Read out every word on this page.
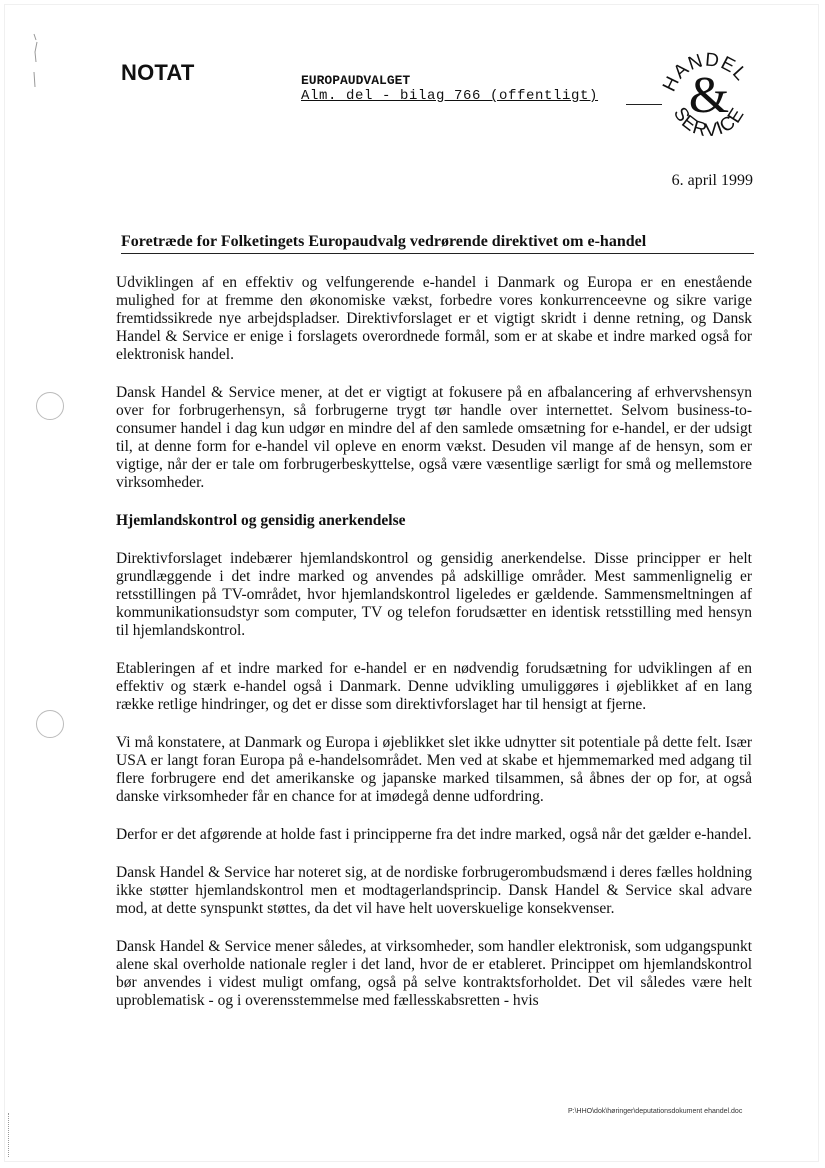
NOTAT	EUROPAUDVALGET
Alm. del - bilag 766 (offentligt)
HANDEL
SERVICE
&
6. april 1999
Foretræde for Folketingets Europaudvalg vedrørende direktivet om e-handel

Udviklingen af en effektiv og velfungerende e-handel i Danmark og Europa er en enestående mulighed for at fremme den økonomiske vækst, forbedre vores konkurrenceevne og sikre varige fremtidssikrede nye arbejdspladser. Direktivforslaget er et vigtigt skridt i denne retning, og Dansk Handel & Service er enige i forslagets overordnede formål, som er at skabe et indre marked også for elektronisk handel.

Dansk Handel & Service mener, at det er vigtigt at fokusere på en afbalancering af erhvervshensyn over for forbrugerhensyn, så forbrugerne trygt tør handle over internettet. Selvom business-to-consumer handel i dag kun udgør en mindre del af den samlede omsætning for e-handel, er der udsigt til, at denne form for e-handel vil opleve en enorm vækst. Desuden vil mange af de hensyn, som er vigtige, når der er tale om forbrugerbeskyttelse, også være væsentlige særligt for små og mellemstore virksomheder.

Hjemlandskontrol og gensidig anerkendelse

Direktivforslaget indebærer hjemlandskontrol og gensidig anerkendelse. Disse principper er helt grundlæggende i det indre marked og anvendes på adskillige områder. Mest sammenlignelig er retsstillingen på TV-området, hvor hjemlandskontrol ligeledes er gældende. Sammensmeltningen af kommunikationsudstyr som computer, TV og telefon forudsætter en identisk retsstilling med hensyn til hjemlandskontrol.

Etableringen af et indre marked for e-handel er en nødvendig forudsætning for udviklingen af en effektiv og stærk e-handel også i Danmark. Denne udvikling umuliggøres i øjeblikket af en lang række retlige hindringer, og det er disse som direktivforslaget har til hensigt at fjerne.

Vi må konstatere, at Danmark og Europa i øjeblikket slet ikke udnytter sit potentiale på dette felt. Især USA er langt foran Europa på e-handelsområdet. Men ved at skabe et hjemmemarked med adgang til flere forbrugere end det amerikanske og japanske marked tilsammen, så åbnes der op for, at også danske virksomheder får en chance for at imødegå denne udfordring.

Derfor er det afgørende at holde fast i principperne fra det indre marked, også når det gælder e-handel.

Dansk Handel & Service har noteret sig, at de nordiske forbrugerombudsmænd i deres fælles holdning ikke støtter hjemlandskontrol men et modtagerlandsprincip. Dansk Handel & Service skal advare mod, at dette synspunkt støttes, da det vil have helt uoverskuelige konsekvenser.

Dansk Handel & Service mener således, at virksomheder, som handler elektronisk, som udgangspunkt alene skal overholde nationale regler i det land, hvor de er etableret. Princippet om hjemlandskontrol bør anvendes i videst muligt omfang, også på selve kontraktsforholdet. Det vil således være helt uproblematisk - og i overensstemmelse med fællesskabsretten - hvis

P:\HHO\dok\høringer\deputationsdokument ehandel.doc
